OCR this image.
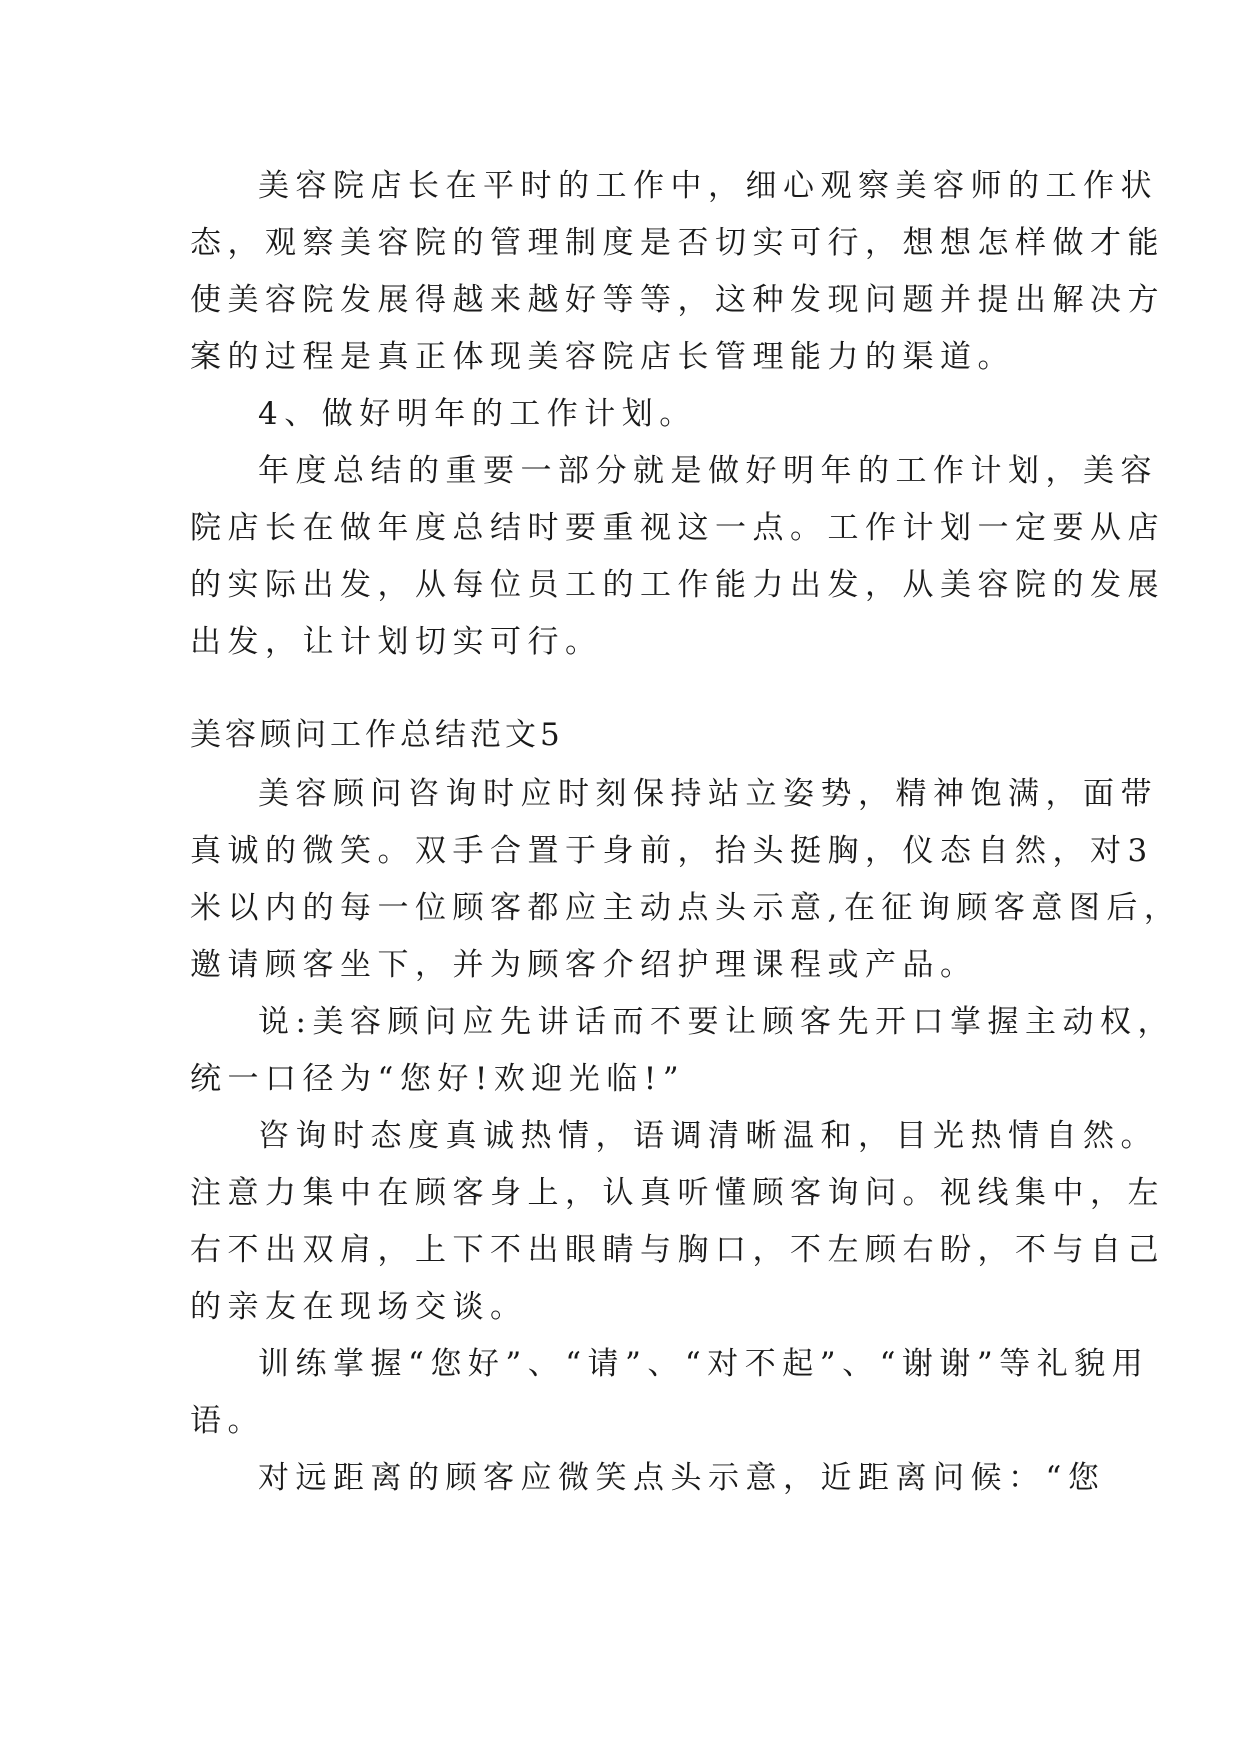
美容院店长在平时的工作中，细心观察美容师的工作状
态，观察美容院的管理制度是否切实可行，想想怎样做才能
使美容院发展得越来越好等等，这种发现问题并提出解决方
案的过程是真正体现美容院店长管理能力的渠道。
4、做好明年的工作计划。
年度总结的重要一部分就是做好明年的工作计划，美容
院店长在做年度总结时要重视这一点。工作计划一定要从店
的实际出发，从每位员工的工作能力出发，从美容院的发展
出发，让计划切实可行。
美容顾问工作总结范文5
美容顾问咨询时应时刻保持站立姿势，精神饱满，面带
真诚的微笑。双手合置于身前，抬头挺胸，仪态自然，对3
米以内的每一位顾客都应主动点头示意,在征询顾客意图后，
邀请顾客坐下，并为顾客介绍护理课程或产品。
说:美容顾问应先讲话而不要让顾客先开口掌握主动权，
统一口径为“您好!欢迎光临!”
咨询时态度真诚热情，语调清晰温和，目光热情自然。
注意力集中在顾客身上，认真听懂顾客询问。视线集中，左
右不出双肩，上下不出眼睛与胸口，不左顾右盼，不与自己
的亲友在现场交谈。
训练掌握“您好”、“请”、“对不起”、“谢谢”等礼貌用
语。
对远距离的顾客应微笑点头示意，近距离问候：“您
